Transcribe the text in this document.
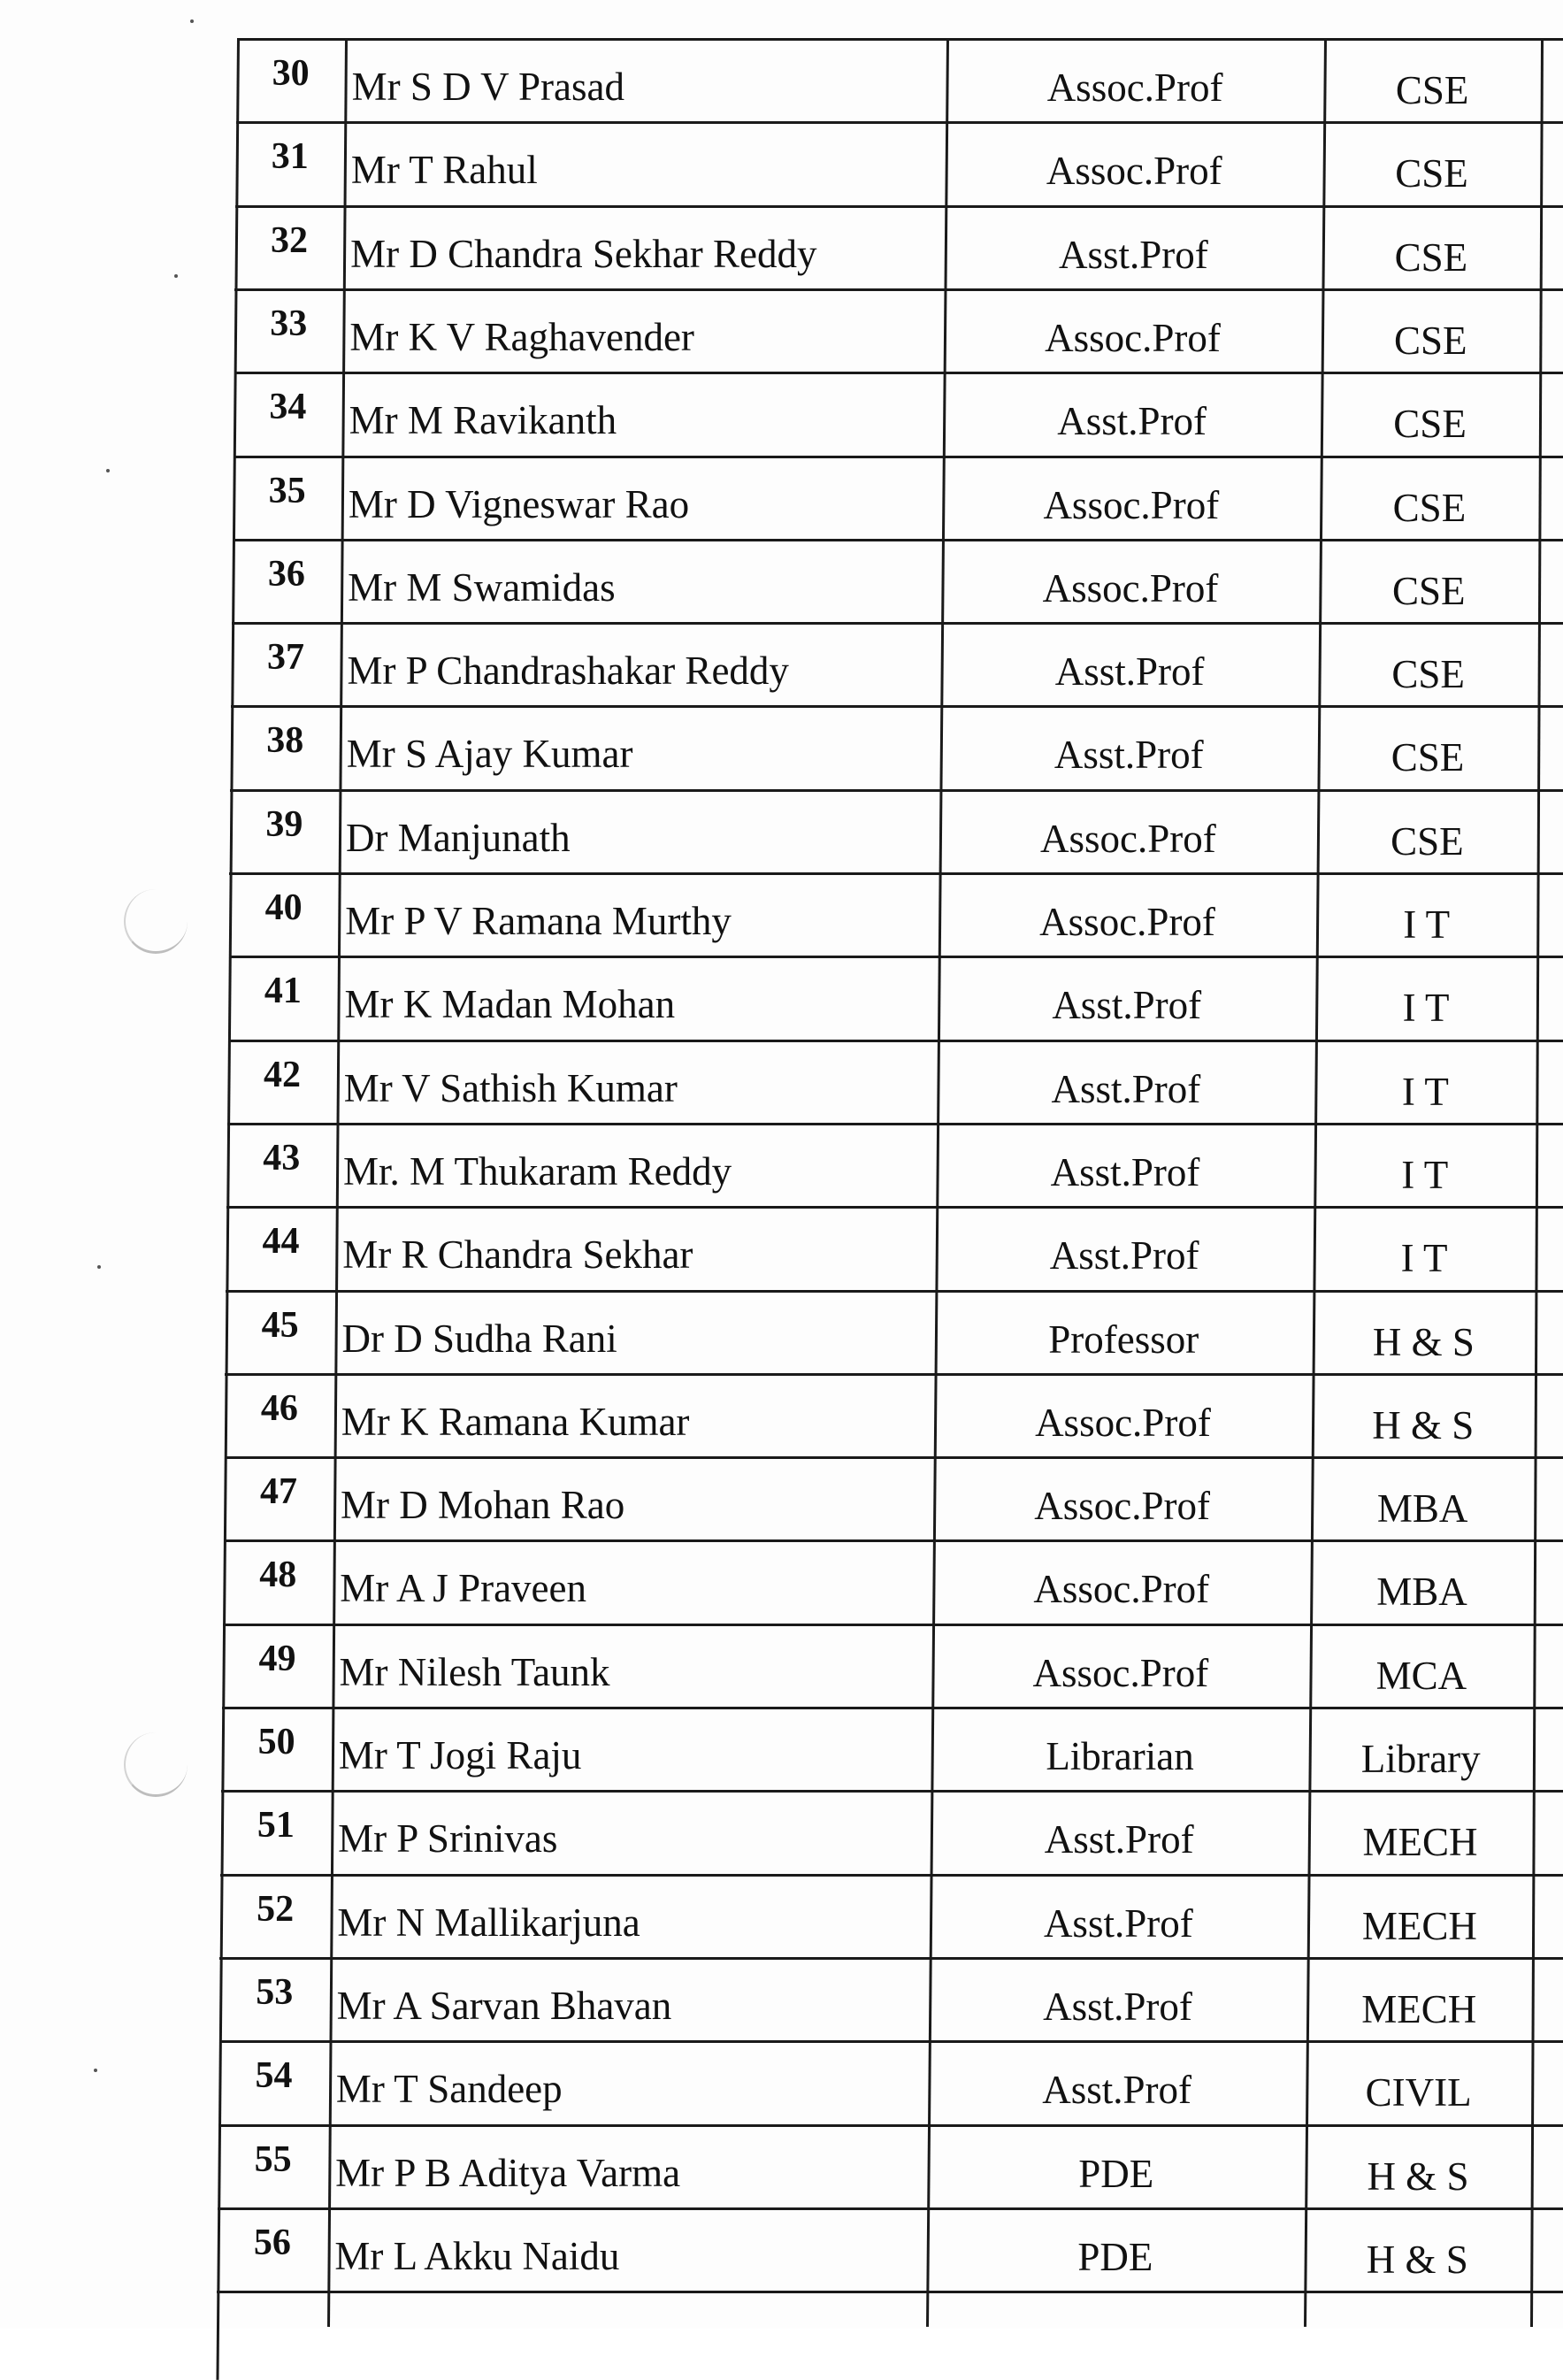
30	Mr S D V Prasad	Assoc.Prof	CSE
31	Mr T Rahul	Assoc.Prof	CSE
32	Mr D Chandra Sekhar Reddy	Asst.Prof	CSE
33	Mr K V Raghavender	Assoc.Prof	CSE
34	Mr M Ravikanth	Asst.Prof	CSE
35	Mr D Vigneswar Rao	Assoc.Prof	CSE
36	Mr M Swamidas	Assoc.Prof	CSE
37	Mr P Chandrashakar Reddy	Asst.Prof	CSE
38	Mr S Ajay Kumar	Asst.Prof	CSE
39	Dr Manjunath	Assoc.Prof	CSE
40	Mr P V Ramana Murthy	Assoc.Prof	I T
41	Mr K Madan Mohan	Asst.Prof	I T
42	Mr V Sathish Kumar	Asst.Prof	I T
43	Mr. M Thukaram Reddy	Asst.Prof	I T
44	Mr R Chandra Sekhar	Asst.Prof	I T
45	Dr D Sudha Rani	Professor	H & S
46	Mr K Ramana Kumar	Assoc.Prof	H & S
47	Mr D Mohan Rao	Assoc.Prof	MBA
48	Mr A J Praveen	Assoc.Prof	MBA
49	Mr Nilesh Taunk	Assoc.Prof	MCA
50	Mr T Jogi Raju	Librarian	Library
51	Mr P Srinivas	Asst.Prof	MECH
52	Mr N Mallikarjuna	Asst.Prof	MECH
53	Mr A Sarvan Bhavan	Asst.Prof	MECH
54	Mr T Sandeep	Asst.Prof	CIVIL
55	Mr P B Aditya Varma	PDE	H & S
56	Mr L Akku Naidu	PDE	H & S
